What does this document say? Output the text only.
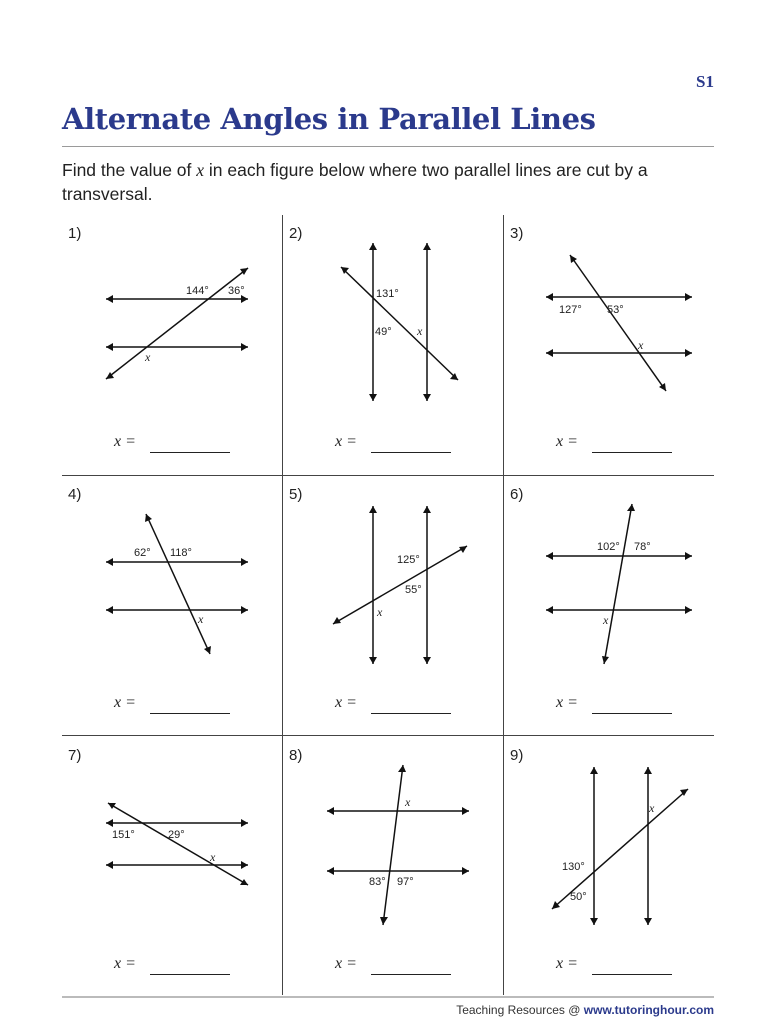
S1
Alternate Angles in Parallel Lines
Find the value of x in each figure below where two parallel lines are cut by a transversal.
1)
144° 36°
x
x =
2)
131°
49° x
x =
3)
127° 53°
x
x =
4)
62° 118°
x
x =
5)
125°
55°
x
x =
6)
102° 78°
x
x =
7)
151°	29°
x
x =
8)
83° 97°
x
x =
9)
130°
50°
x
x =
Teaching Resources @ www.tutoringhour.com
